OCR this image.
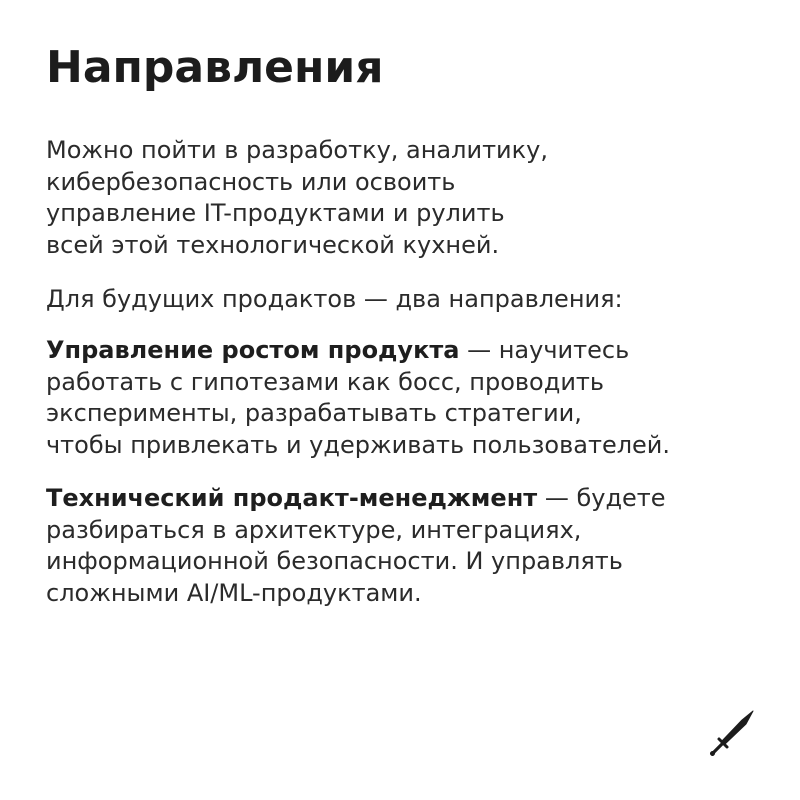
Направления

Можно пойти в разработку, аналитику,
кибербезопасность или освоить
управление IT-продуктами и рулить
всей этой технологической кухней.

Для будущих продактов — два направления:

Управление ростом продукта — научитесь
работать с гипотезами как босс, проводить
эксперименты, разрабатывать стратегии,
чтобы привлекать и удерживать пользователей.

Технический продакт-менеджмент — будете
разбираться в архитектуре, интеграциях,
информационной безопасности. И управлять
сложными AI/ML-продуктами.
